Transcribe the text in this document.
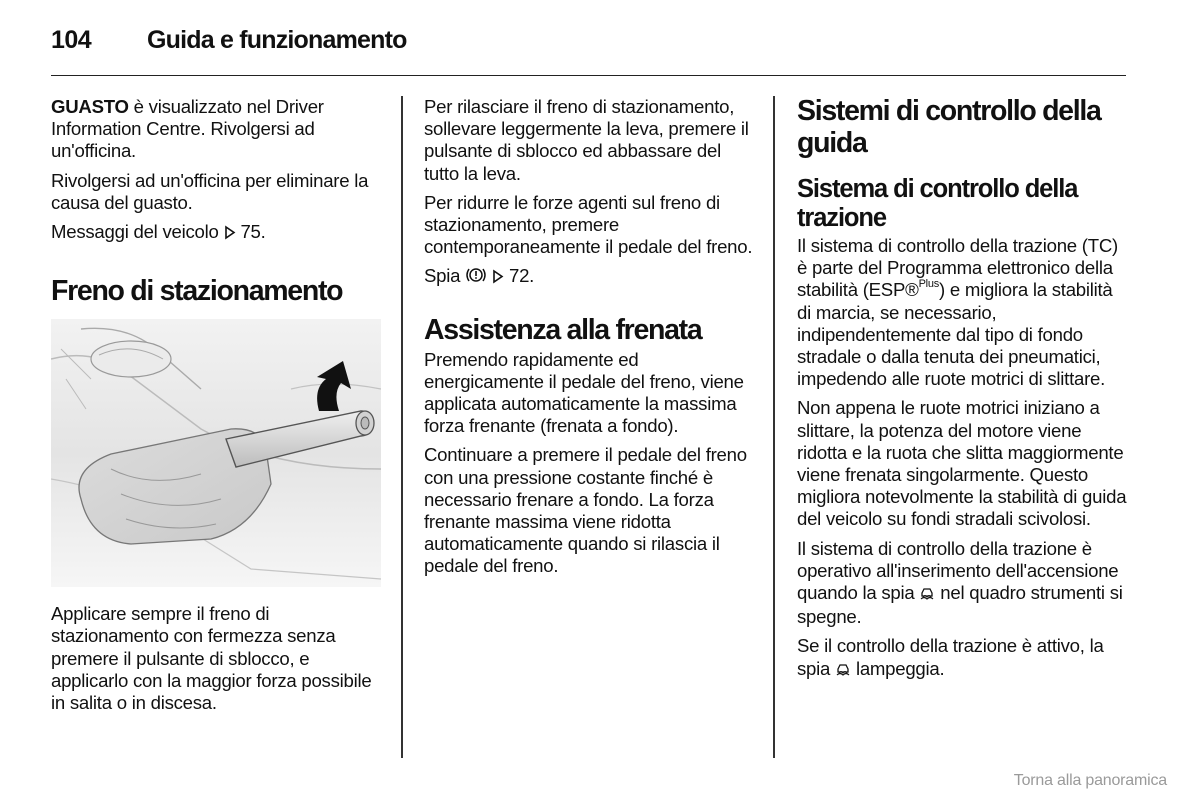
104 Guida e funzionamento

GUASTO è visualizzato nel Driver Information Centre. Rivolgersi ad un'officina.

Rivolgersi ad un'officina per eliminare la causa del guasto.

Messaggi del veicolo  75.

Freno di stazionamento

Applicare sempre il freno di stazionamento con fermezza senza premere il pulsante di sblocco, e applicarlo con la maggior forza possibile in salita o in discesa.

Per rilasciare il freno di stazionamento, sollevare leggermente la leva, premere il pulsante di sblocco ed abbassare del tutto la leva.

Per ridurre le forze agenti sul freno di stazionamento, premere contemporaneamente il pedale del freno.

Spia   72.

Assistenza alla frenata

Premendo rapidamente ed energicamente il pedale del freno, viene applicata automaticamente la massima forza frenante (frenata a fondo).

Continuare a premere il pedale del freno con una pressione costante finché è necessario frenare a fondo. La forza frenante massima viene ridotta automaticamente quando si rilascia il pedale del freno.

Sistemi di controllo della guida
Sistema di controllo della trazione

Il sistema di controllo della trazione (TC) è parte del Programma elettronico della stabilità (ESP®$^{Plus}$) e migliora la stabilità di marcia, se necessario, indipendentemente dal tipo di fondo stradale o dalla tenuta dei pneumatici, impedendo alle ruote motrici di slittare.

Non appena le ruote motrici iniziano a slittare, la potenza del motore viene ridotta e la ruota che slitta maggiormente viene frenata singolarmente. Questo migliora notevolmente la stabilità di guida del veicolo su fondi stradali scivolosi.

Il sistema di controllo della trazione è operativo all'inserimento dell'accensione quando la spia  nel quadro strumenti si spegne.

Se il controllo della trazione è attivo, la spia  lampeggia.

Torna alla panoramica
